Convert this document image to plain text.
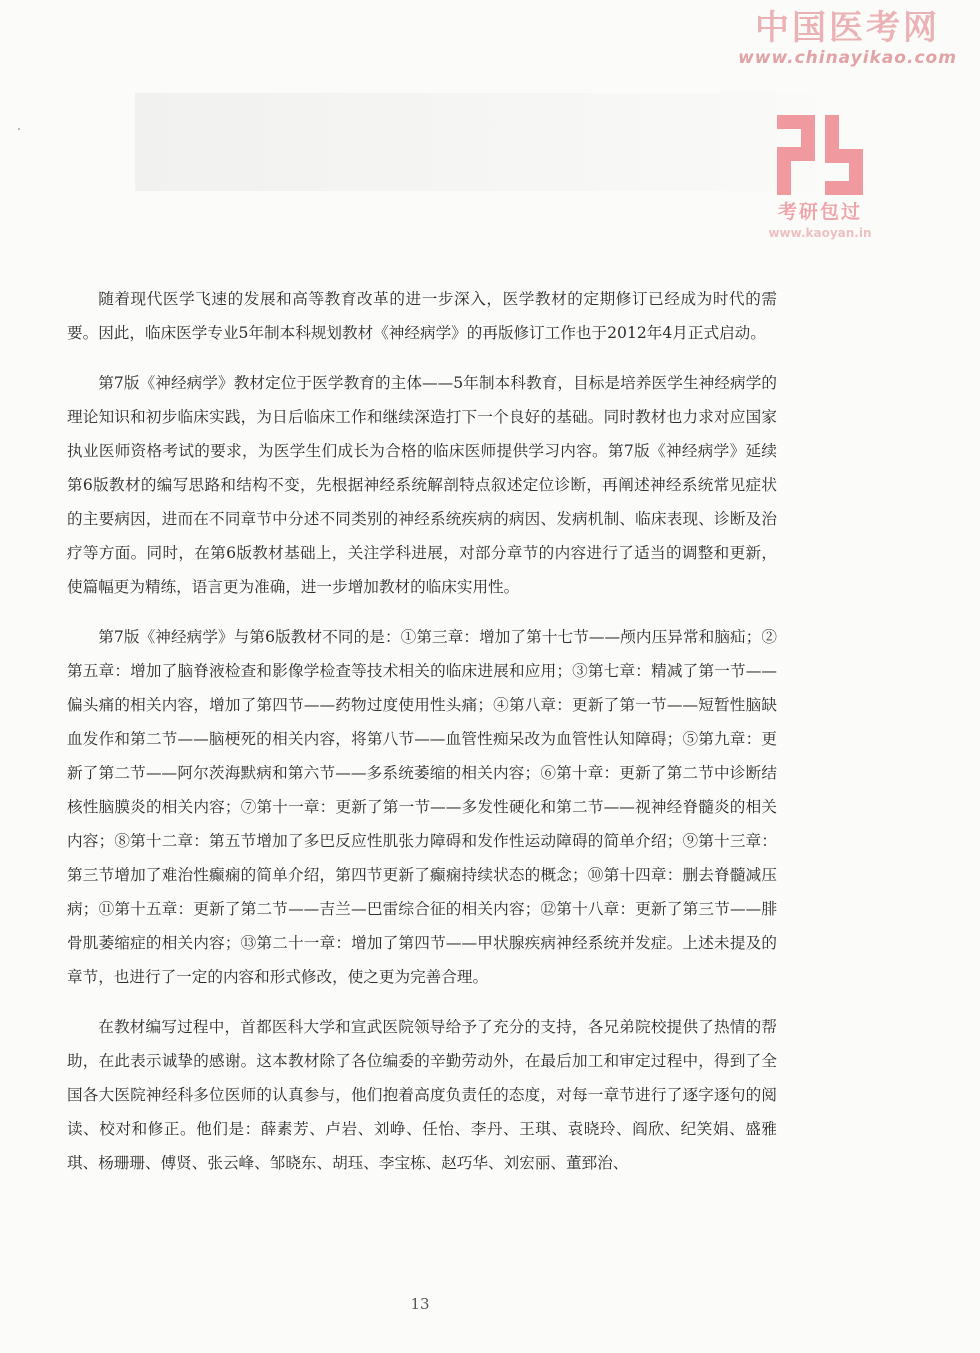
中国医考网
www.chinayikao.com
考研包过
www.kaoyan.in

随着现代医学飞速的发展和高等教育改革的进一步深入，医学教材的定期修订已经成为时代的需要。因此，临床医学专业5年制本科规划教材《神经病学》的再版修订工作也于2012年4月正式启动。

第7版《神经病学》教材定位于医学教育的主体——5年制本科教育，目标是培养医学生神经病学的理论知识和初步临床实践，为日后临床工作和继续深造打下一个良好的基础。同时教材也力求对应国家执业医师资格考试的要求，为医学生们成长为合格的临床医师提供学习内容。第7版《神经病学》延续第6版教材的编写思路和结构不变，先根据神经系统解剖特点叙述定位诊断，再阐述神经系统常见症状的主要病因，进而在不同章节中分述不同类别的神经系统疾病的病因、发病机制、临床表现、诊断及治疗等方面。同时，在第6版教材基础上，关注学科进展，对部分章节的内容进行了适当的调整和更新，使篇幅更为精练，语言更为准确，进一步增加教材的临床实用性。

第7版《神经病学》与第6版教材不同的是：①第三章：增加了第十七节——颅内压异常和脑疝；②第五章：增加了脑脊液检查和影像学检查等技术相关的临床进展和应用；③第七章：精减了第一节——偏头痛的相关内容，增加了第四节——药物过度使用性头痛；④第八章：更新了第一节——短暂性脑缺血发作和第二节——脑梗死的相关内容，将第八节——血管性痴呆改为血管性认知障碍；⑤第九章：更新了第二节——阿尔茨海默病和第六节——多系统萎缩的相关内容；⑥第十章：更新了第二节中诊断结核性脑膜炎的相关内容；⑦第十一章：更新了第一节——多发性硬化和第二节——视神经脊髓炎的相关内容；⑧第十二章：第五节增加了多巴反应性肌张力障碍和发作性运动障碍的简单介绍；⑨第十三章：第三节增加了难治性癫痫的简单介绍，第四节更新了癫痫持续状态的概念；⑩第十四章：删去脊髓减压病；⑪第十五章：更新了第二节——吉兰—巴雷综合征的相关内容；⑫第十八章：更新了第三节——腓骨肌萎缩症的相关内容；⑬第二十一章：增加了第四节——甲状腺疾病神经系统并发症。上述未提及的章节，也进行了一定的内容和形式修改，使之更为完善合理。

在教材编写过程中，首都医科大学和宣武医院领导给予了充分的支持，各兄弟院校提供了热情的帮助，在此表示诚挚的感谢。这本教材除了各位编委的辛勤劳动外，在最后加工和审定过程中，得到了全国各大医院神经科多位医师的认真参与，他们抱着高度负责任的态度，对每一章节进行了逐字逐句的阅读、校对和修正。他们是：薛素芳、卢岩、刘峥、任怡、李丹、王琪、袁晓玲、阎欣、纪笑娟、盛雅琪、杨珊珊、傅贤、张云峰、邹晓东、胡珏、李宝栋、赵巧华、刘宏丽、董郅治、

13
